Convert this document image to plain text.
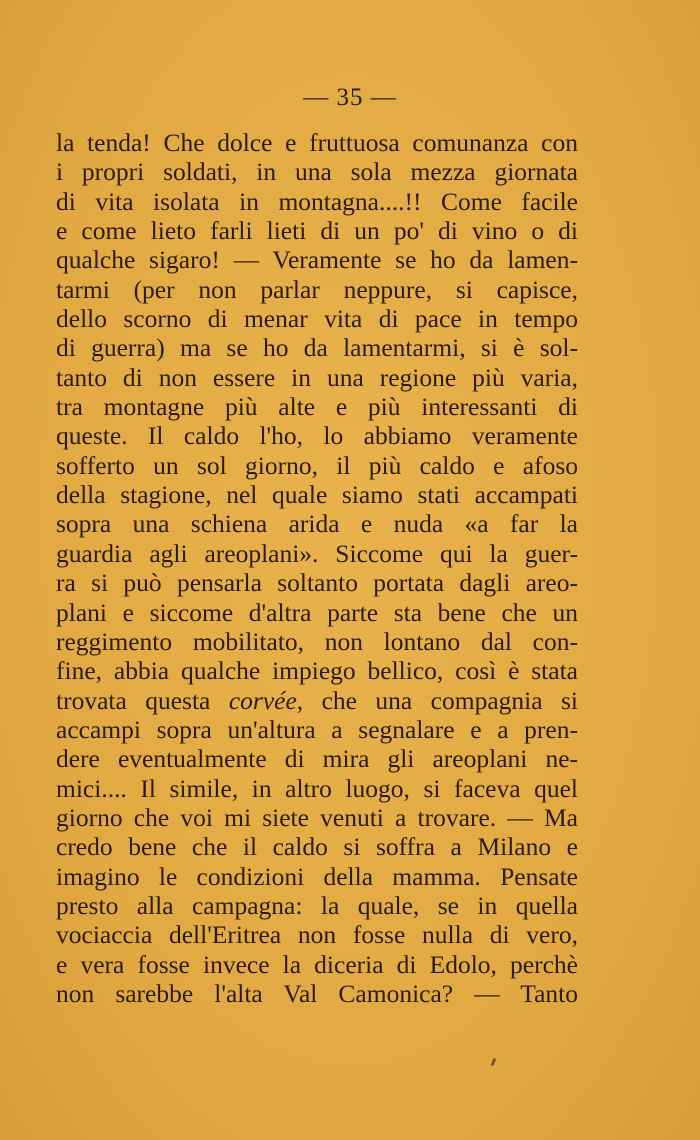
— 35 —
la tenda! Che dolce e fruttuosa comunanza con
i propri soldati, in una sola mezza giornata
di vita isolata in montagna....!! Come facile
e come lieto farli lieti di un po' di vino o di
qualche sigaro! — Veramente se ho da lamen-
tarmi (per non parlar neppure, si capisce,
dello scorno di menar vita di pace in tempo
di guerra) ma se ho da lamentarmi, si è sol-
tanto di non essere in una regione più varia,
tra montagne più alte e più interessanti di
queste. Il caldo l'ho, lo abbiamo veramente
sofferto un sol giorno, il più caldo e afoso
della stagione, nel quale siamo stati accampati
sopra una schiena arida e nuda «a far la
guardia agli areoplani». Siccome qui la guer-
ra si può pensarla soltanto portata dagli areo-
plani e siccome d'altra parte sta bene che un
reggimento mobilitato, non lontano dal con-
fine, abbia qualche impiego bellico, così è stata
trovata questa corvée, che una compagnia si
accampi sopra un'altura a segnalare e a pren-
dere eventualmente di mira gli areoplani ne-
mici.... Il simile, in altro luogo, si faceva quel
giorno che voi mi siete venuti a trovare. — Ma
credo bene che il caldo si soffra a Milano e
imagino le condizioni della mamma. Pensate
presto alla campagna: la quale, se in quella
vociaccia dell'Eritrea non fosse nulla di vero,
e vera fosse invece la diceria di Edolo, perchè
non sarebbe l'alta Val Camonica? — Tanto
